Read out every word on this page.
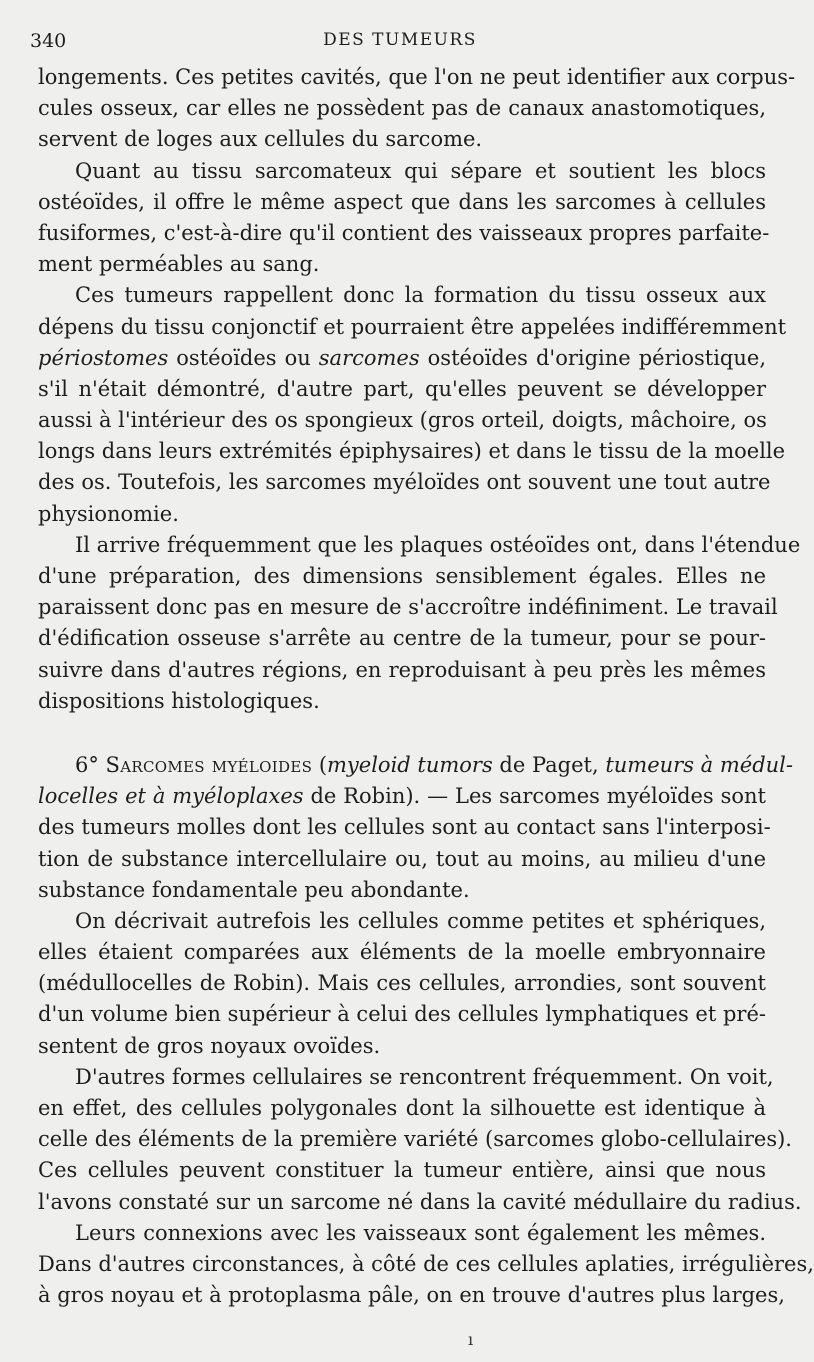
340	DES TUMEURS
longements. Ces petites cavités, que l'on ne peut identifier aux corpus-
cules osseux, car elles ne possèdent pas de canaux anastomotiques,
servent de loges aux cellules du sarcome.
Quant au tissu sarcomateux qui sépare et soutient les blocs
ostéoïdes, il offre le même aspect que dans les sarcomes à cellules
fusiformes, c'est-à-dire qu'il contient des vaisseaux propres parfaite-
ment perméables au sang.
Ces tumeurs rappellent donc la formation du tissu osseux aux
dépens du tissu conjonctif et pourraient être appelées indifféremment
périostomes ostéoïdes ou sarcomes ostéoïdes d'origine périostique,
s'il n'était démontré, d'autre part, qu'elles peuvent se développer
aussi à l'intérieur des os spongieux (gros orteil, doigts, mâchoire, os
longs dans leurs extrémités épiphysaires) et dans le tissu de la moelle
des os. Toutefois, les sarcomes myéloïdes ont souvent une tout autre
physionomie.
Il arrive fréquemment que les plaques ostéoïdes ont, dans l'étendue
d'une préparation, des dimensions sensiblement égales. Elles ne
paraissent donc pas en mesure de s'accroître indéfiniment. Le travail
d'édification osseuse s'arrête au centre de la tumeur, pour se pour-
suivre dans d'autres régions, en reproduisant à peu près les mêmes
dispositions histologiques.
6° Sarcomes myéloides (myeloid tumors de Paget, tumeurs à médul-
locelles et à myéloplaxes de Robin). — Les sarcomes myéloïdes sont
des tumeurs molles dont les cellules sont au contact sans l'interposi-
tion de substance intercellulaire ou, tout au moins, au milieu d'une
substance fondamentale peu abondante.
On décrivait autrefois les cellules comme petites et sphériques,
elles étaient comparées aux éléments de la moelle embryonnaire
(médullocelles de Robin). Mais ces cellules, arrondies, sont souvent
d'un volume bien supérieur à celui des cellules lymphatiques et pré-
sentent de gros noyaux ovoïdes.
D'autres formes cellulaires se rencontrent fréquemment. On voit,
en effet, des cellules polygonales dont la silhouette est identique à
celle des éléments de la première variété (sarcomes globo-cellulaires).
Ces cellules peuvent constituer la tumeur entière, ainsi que nous
l'avons constaté sur un sarcome né dans la cavité médullaire du radius.
Leurs connexions avec les vaisseaux sont également les mêmes.
Dans d'autres circonstances, à côté de ces cellules aplaties, irrégulières,
à gros noyau et à protoplasma pâle, on en trouve d'autres plus larges,
ı
